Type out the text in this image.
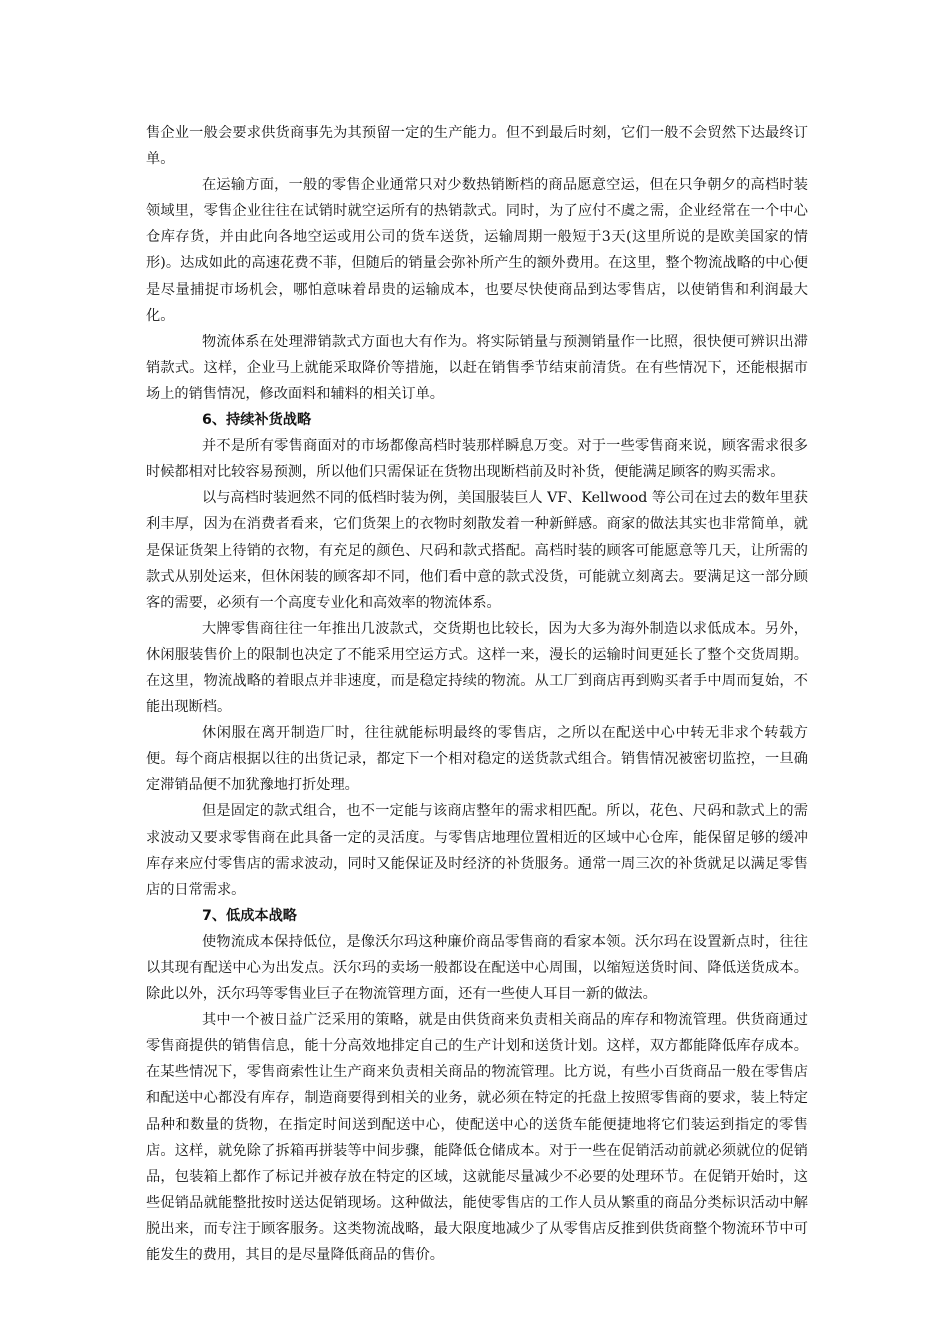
售企业一般会要求供货商事先为其预留一定的生产能力。但不到最后时刻，它们一般不会贸然下达最终订单。

在运输方面，一般的零售企业通常只对少数热销断档的商品愿意空运，但在只争朝夕的高档时装领域里，零售企业往往在试销时就空运所有的热销款式。同时，为了应付不虞之需，企业经常在一个中心仓库存货，并由此向各地空运或用公司的货车送货，运输周期一般短于3天(这里所说的是欧美国家的情形)。达成如此的高速花费不菲，但随后的销量会弥补所产生的额外费用。在这里，整个物流战略的中心便是尽量捕捉市场机会，哪怕意味着昂贵的运输成本，也要尽快使商品到达零售店，以使销售和利润最大化。

物流体系在处理滞销款式方面也大有作为。将实际销量与预测销量作一比照，很快便可辨识出滞销款式。这样，企业马上就能采取降价等措施，以赶在销售季节结束前清货。在有些情况下，还能根据市场上的销售情况，修改面料和辅料的相关订单。

6、持续补货战略

并不是所有零售商面对的市场都像高档时装那样瞬息万变。对于一些零售商来说，顾客需求很多时候都相对比较容易预测，所以他们只需保证在货物出现断档前及时补货，便能满足顾客的购买需求。

以与高档时装迥然不同的低档时装为例，美国服装巨人 VF、Kellwood 等公司在过去的数年里获利丰厚，因为在消费者看来，它们货架上的衣物时刻散发着一种新鲜感。商家的做法其实也非常简单，就是保证货架上待销的衣物，有充足的颜色、尺码和款式搭配。高档时装的顾客可能愿意等几天，让所需的款式从别处运来，但休闲装的顾客却不同，他们看中意的款式没货，可能就立刻离去。要满足这一部分顾客的需要，必须有一个高度专业化和高效率的物流体系。

大牌零售商往往一年推出几波款式，交货期也比较长，因为大多为海外制造以求低成本。另外，休闲服装售价上的限制也决定了不能采用空运方式。这样一来，漫长的运输时间更延长了整个交货周期。在这里，物流战略的着眼点并非速度，而是稳定持续的物流。从工厂到商店再到购买者手中周而复始，不能出现断档。

休闲服在离开制造厂时，往往就能标明最终的零售店，之所以在配送中心中转无非求个转载方便。每个商店根据以往的出货记录，都定下一个相对稳定的送货款式组合。销售情况被密切监控，一旦确定滞销品便不加犹豫地打折处理。

但是固定的款式组合，也不一定能与该商店整年的需求相匹配。所以，花色、尺码和款式上的需求波动又要求零售商在此具备一定的灵活度。与零售店地理位置相近的区域中心仓库，能保留足够的缓冲库存来应付零售店的需求波动，同时又能保证及时经济的补货服务。通常一周三次的补货就足以满足零售店的日常需求。

7、低成本战略

使物流成本保持低位，是像沃尔玛这种廉价商品零售商的看家本领。沃尔玛在设置新点时，往往以其现有配送中心为出发点。沃尔玛的卖场一般都设在配送中心周围，以缩短送货时间、降低送货成本。除此以外，沃尔玛等零售业巨子在物流管理方面，还有一些使人耳目一新的做法。

其中一个被日益广泛采用的策略，就是由供货商来负责相关商品的库存和物流管理。供货商通过零售商提供的销售信息，能十分高效地排定自己的生产计划和送货计划。这样，双方都能降低库存成本。在某些情况下，零售商索性让生产商来负责相关商品的物流管理。比方说，有些小百货商品一般在零售店和配送中心都没有库存，制造商要得到相关的业务，就必须在特定的托盘上按照零售商的要求，装上特定品种和数量的货物，在指定时间送到配送中心，使配送中心的送货车能便捷地将它们装运到指定的零售店。这样，就免除了拆箱再拼装等中间步骤，能降低仓储成本。对于一些在促销活动前就必须就位的促销品，包装箱上都作了标记并被存放在特定的区域，这就能尽量减少不必要的处理环节。在促销开始时，这些促销品就能整批按时送达促销现场。这种做法，能使零售店的工作人员从繁重的商品分类标识活动中解脱出来，而专注于顾客服务。这类物流战略，最大限度地减少了从零售店反推到供货商整个物流环节中可能发生的费用，其目的是尽量降低商品的售价。
